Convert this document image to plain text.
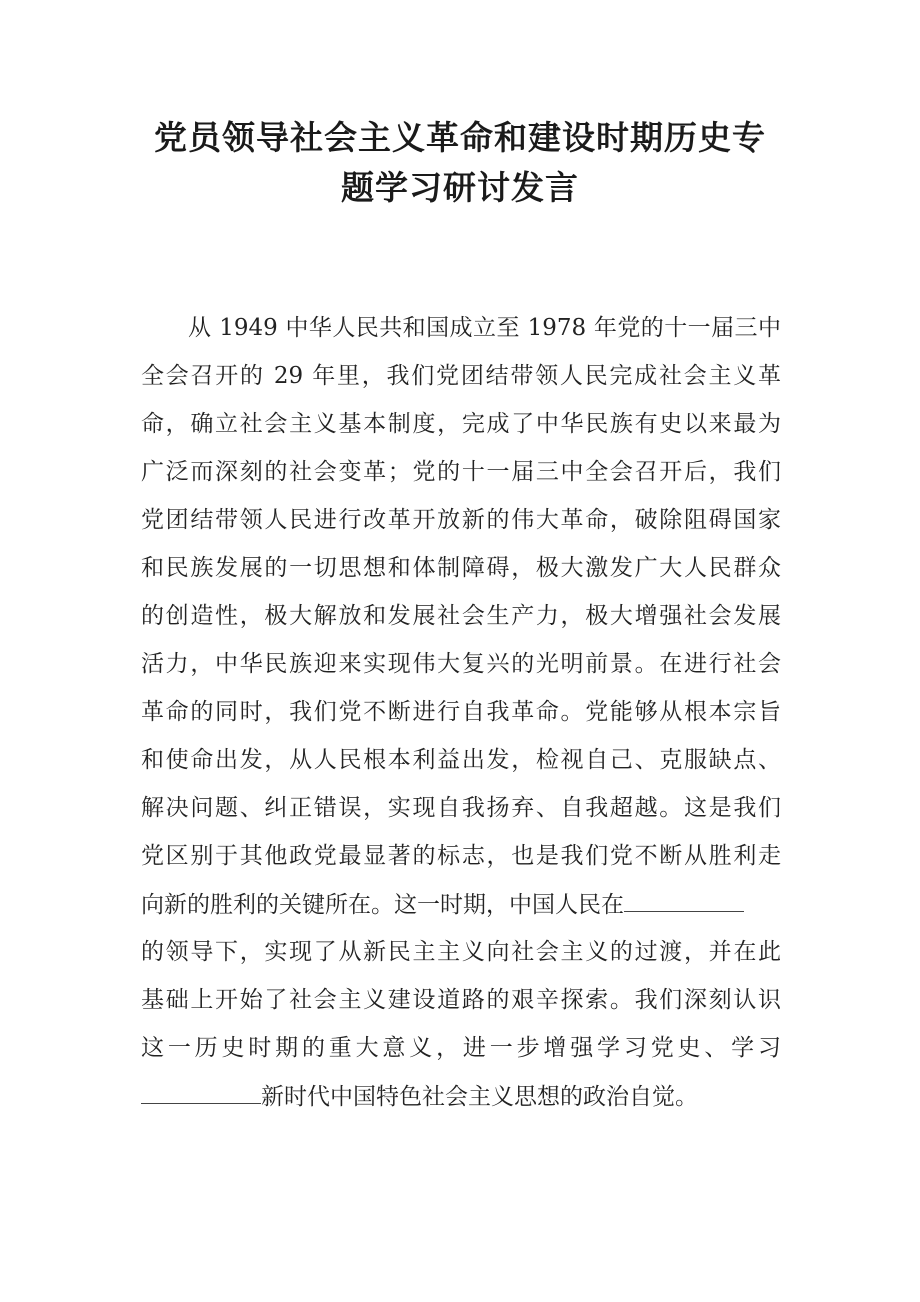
党员领导社会主义革命和建设时期历史专
题学习研讨发言
从 1949 中华人民共和国成立至 1978 年党的十一届三中
全会召开的 29 年里，我们党团结带领人民完成社会主义革
命，确立社会主义基本制度，完成了中华民族有史以来最为
广泛而深刻的社会变革；党的十一届三中全会召开后，我们
党团结带领人民进行改革开放新的伟大革命，破除阻碍国家
和民族发展的一切思想和体制障碍，极大激发广大人民群众
的创造性，极大解放和发展社会生产力，极大增强社会发展
活力，中华民族迎来实现伟大复兴的光明前景。在进行社会
革命的同时，我们党不断进行自我革命。党能够从根本宗旨
和使命出发，从人民根本利益出发，检视自己、克服缺点、
解决问题、纠正错误，实现自我扬弃、自我超越。这是我们
党区别于其他政党最显著的标志，也是我们党不断从胜利走
向新的胜利的关键所在。这一时期，中国人民在
的领导下，实现了从新民主主义向社会主义的过渡，并在此
基础上开始了社会主义建设道路的艰辛探索。我们深刻认识
这一历史时期的重大意义，进一步增强学习党史、学习
新时代中国特色社会主义思想的政治自觉。
